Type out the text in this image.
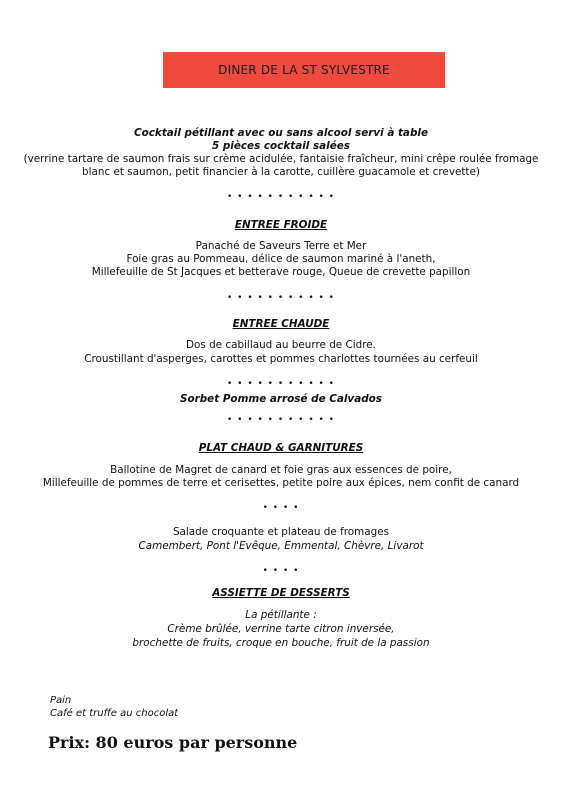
DINER DE LA ST SYLVESTRE
Cocktail pétillant avec ou sans alcool servi à table
5 pièces cocktail salées
(verrine tartare de saumon frais sur crème acidulée, fantaisie fraîcheur, mini crêpe roulée fromage
blanc et saumon, petit financier à la carotte, cuillère guacamole et crevette)
• • • • • • • • • • •
ENTREE FROIDE
Panaché de Saveurs Terre et Mer
Foie gras au Pommeau, délice de saumon mariné à l'aneth,
Millefeuille de St Jacques et betterave rouge, Queue de crevette papillon
• • • • • • • • • • •
ENTREE CHAUDE
Dos de cabillaud au beurre de Cidre.
Croustillant d'asperges, carottes et pommes charlottes tournées au cerfeuil
• • • • • • • • • • •
Sorbet Pomme arrosé de Calvados
• • • • • • • • • • •
PLAT CHAUD & GARNITURES
Ballotine de Magret de canard et foie gras aux essences de poire,
Millefeuille de pommes de terre et cerisettes, petite poire aux épices, nem confit de canard
• • • •
Salade croquante et plateau de fromages
Camembert, Pont l'Evêque, Emmental, Chèvre, Livarot
• • • •
ASSIETTE DE DESSERTS
La pétillante :
Crème brûlée, verrine tarte citron inversée,
brochette de fruits, croque en bouche, fruit de la passion
Pain
Café et truffe au chocolat
Prix: 80 euros par personne
